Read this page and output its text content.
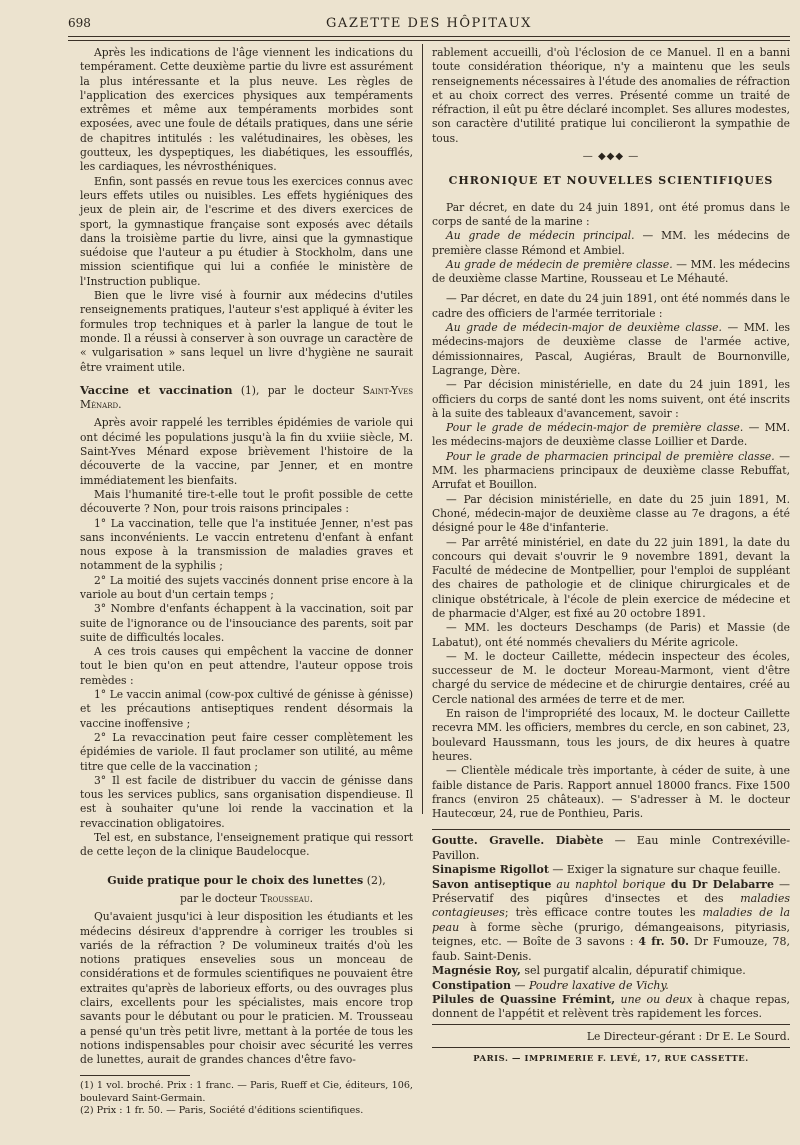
698	GAZETTE DES HÔPITAUX

Après les indications de l'âge viennent les indications du tempérament. Cette deuxième partie du livre est assurément la plus intéressante et la plus neuve. Les règles de l'application des exercices physiques aux tempéraments extrêmes et même aux tempéraments morbides sont exposées, avec une foule de détails pratiques, dans une série de chapitres intitulés : les valétudinaires, les obèses, les goutteux, les dyspeptiques, les diabétiques, les essoufflés, les cardiaques, les névrosthéniques.

Enfin, sont passés en revue tous les exercices connus avec leurs effets utiles ou nuisibles. Les effets hygiéniques des jeux de plein air, de l'escrime et des divers exercices de sport, la gymnastique française sont exposés avec détails dans la troisième partie du livre, ainsi que la gymnastique suédoise que l'auteur a pu étudier à Stockholm, dans une mission scientifique qui lui a confiée le ministère de l'Instruction publique.

Bien que le livre visé à fournir aux médecins d'utiles renseignements pratiques, l'auteur s'est appliqué à éviter les formules trop techniques et à parler la langue de tout le monde. Il a réussi à conserver à son ouvrage un caractère de « vulgarisation » sans lequel un livre d'hygiène ne saurait être vraiment utile.

Vaccine et vaccination (1), par le docteur Saint-Yves Ménard.

Après avoir rappelé les terribles épidémies de variole qui ont décimé les populations jusqu'à la fin du xviiie siècle, M. Saint-Yves Ménard expose brièvement l'histoire de la découverte de la vaccine, par Jenner, et en montre immédiatement les bienfaits.

Mais l'humanité tire-t-elle tout le profit possible de cette découverte ? Non, pour trois raisons principales :

1° La vaccination, telle que l'a instituée Jenner, n'est pas sans inconvénients. Le vaccin entretenu d'enfant à enfant nous expose à la transmission de maladies graves et notamment de la syphilis ;

2° La moitié des sujets vaccinés donnent prise encore à la variole au bout d'un certain temps ;

3° Nombre d'enfants échappent à la vaccination, soit par suite de l'ignorance ou de l'insouciance des parents, soit par suite de difficultés locales.

A ces trois causes qui empêchent la vaccine de donner tout le bien qu'on en peut attendre, l'auteur oppose trois remèdes :

1° Le vaccin animal (cow-pox cultivé de génisse à génisse) et les précautions antiseptiques rendent désormais la vaccine inoffensive ;

2° La revaccination peut faire cesser complètement les épidémies de variole. Il faut proclamer son utilité, au même titre que celle de la vaccination ;

3° Il est facile de distribuer du vaccin de génisse dans tous les services publics, sans organisation dispendieuse. Il est à souhaiter qu'une loi rende la vaccination et la revaccination obligatoires.

Tel est, en substance, l'enseignement pratique qui ressort de cette leçon de la clinique Baudelocque.

Guide pratique pour le choix des lunettes (2),
par le docteur Trousseau.

Qu'avaient jusqu'ici à leur disposition les étudiants et les médecins désireux d'apprendre à corriger les troubles si variés de la réfraction ? De volumineux traités d'où les notions pratiques ensevelies sous un monceau de considérations et de formules scientifiques ne pouvaient être extraites qu'après de laborieux efforts, ou des ouvrages plus clairs, excellents pour les spécialistes, mais encore trop savants pour le débutant ou pour le praticien. M. Trousseau a pensé qu'un très petit livre, mettant à la portée de tous les notions indispensables pour choisir avec sécurité les verres de lunettes, aurait de grandes chances d'être favo-

(1) 1 vol. broché. Prix : 1 franc. — Paris, Rueff et Cie, éditeurs, 106, boulevard Saint-Germain.

(2) Prix : 1 fr. 50. — Paris, Société d'éditions scientifiques.

rablement accueilli, d'où l'éclosion de ce Manuel. Il en a banni toute considération théorique, n'y a maintenu que les seuls renseignements nécessaires à l'étude des anomalies de réfraction et au choix correct des verres. Présenté comme un traité de réfraction, il eût pu être déclaré incomplet. Ses allures modestes, son caractère d'utilité pratique lui concilieront la sympathie de tous.

— ◆◆◆ —
CHRONIQUE ET NOUVELLES SCIENTIFIQUES

Par décret, en date du 24 juin 1891, ont été promus dans le corps de santé de la marine :

Au grade de médecin principal. — MM. les médecins de première classe Rémond et Ambiel.

Au grade de médecin de première classe. — MM. les médecins de deuxième classe Martine, Rousseau et Le Méhauté.

— Par décret, en date du 24 juin 1891, ont été nommés dans le cadre des officiers de l'armée territoriale :

Au grade de médecin-major de deuxième classe. — MM. les médecins-majors de deuxième classe de l'armée active, démissionnaires, Pascal, Augiéras, Brault de Bournonville, Lagrange, Dère.

— Par décision ministérielle, en date du 24 juin 1891, les officiers du corps de santé dont les noms suivent, ont été inscrits à la suite des tableaux d'avancement, savoir :

Pour le grade de médecin-major de première classe. — MM. les médecins-majors de deuxième classe Loillier et Darde.

Pour le grade de pharmacien principal de première classe. — MM. les pharmaciens principaux de deuxième classe Rebuffat, Arrufat et Bouillon.

— Par décision ministérielle, en date du 25 juin 1891, M. Choné, médecin-major de deuxième classe au 7e dragons, a été désigné pour le 48e d'infanterie.

— Par arrêté ministériel, en date du 22 juin 1891, la date du concours qui devait s'ouvrir le 9 novembre 1891, devant la Faculté de médecine de Montpellier, pour l'emploi de suppléant des chaires de pathologie et de clinique chirurgicales et de clinique obstétricale, à l'école de plein exercice de médecine et de pharmacie d'Alger, est fixé au 20 octobre 1891.

— MM. les docteurs Deschamps (de Paris) et Massie (de Labatut), ont été nommés chevaliers du Mérite agricole.

— M. le docteur Caillette, médecin inspecteur des écoles, successeur de M. le docteur Moreau-Marmont, vient d'être chargé du service de médecine et de chirurgie dentaires, créé au Cercle national des armées de terre et de mer.

En raison de l'impropriété des locaux, M. le docteur Caillette recevra MM. les officiers, membres du cercle, en son cabinet, 23, boulevard Haussmann, tous les jours, de dix heures à quatre heures.

— Clientèle médicale très importante, à céder de suite, à une faible distance de Paris. Rapport annuel 18000 francs. Fixe 1500 francs (environ 25 châteaux). — S'adresser à M. le docteur Hautecœur, 24, rue de Ponthieu, Paris.

Goutte. Gravelle. Diabète — Eau minle Contrexéville-Pavillon.

Sinapisme Rigollot — Exiger la signature sur chaque feuille.

Savon antiseptique au naphtol borique du Dr Delabarre — Préservatif des piqûres d'insectes et des maladies contagieuses; très efficace contre toutes les maladies de la peau à forme sèche (prurigo, démangeaisons, pityriasis, teignes, etc. — Boîte de 3 savons : 4 fr. 50. Dr Fumouze, 78, faub. Saint-Denis.

Magnésie Roy, sel purgatif alcalin, dépuratif chimique.

Constipation — Poudre laxative de Vichy.

Pilules de Quassine Frémint, une ou deux à chaque repas, donnent de l'appétit et relèvent très rapidement les forces.

Le Directeur-gérant : Dr E. Le Sourd.
PARIS. — IMPRIMERIE F. LEVÉ, 17, RUE CASSETTE.
